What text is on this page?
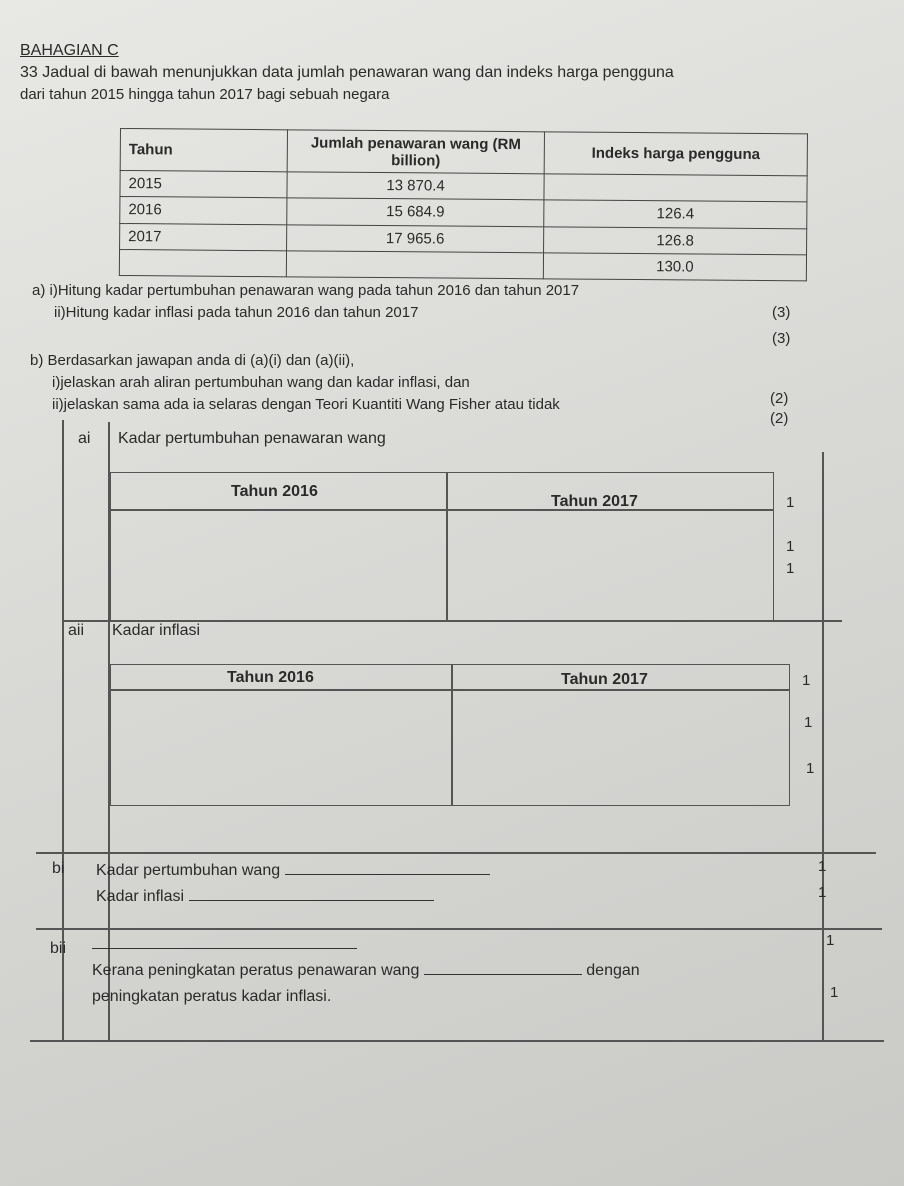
BAHAGIAN C
33 Jadual di bawah menunjukkan data jumlah penawaran wang dan indeks harga pengguna
dari tahun 2015 hingga tahun 2017 bagi sebuah negara
Tahun	Jumlah penawaran wang (RM billion)	Indeks harga pengguna
2015	13 870.4	
2016	15 684.9	126.4
2017	17 965.6	126.8
		130.0
a) i)Hitung kadar pertumbuhan penawaran wang pada tahun 2016 dan tahun 2017
(3)
ii)Hitung kadar inflasi pada tahun 2016 dan tahun 2017
(3)
b) Berdasarkan jawapan anda di (a)(i) dan (a)(ii),
i)jelaskan arah aliran pertumbuhan wang dan kadar inflasi, dan
(2)
ii)jelaskan sama ada ia selaras dengan Teori Kuantiti Wang Fisher atau tidak
(2)
ai Kadar pertumbuhan penawaran wang
Tahun 2016
Tahun 2017	1
1
1
aii Kadar inflasi
Tahun 2016	Tahun 2017	1
1
1
bi Kadar pertumbuhan wang
Kadar inflasi
1
1
bii
Kerana peningkatan peratus penawaran wang	dengan
peningkatan peratus kadar inflasi.
1
1
